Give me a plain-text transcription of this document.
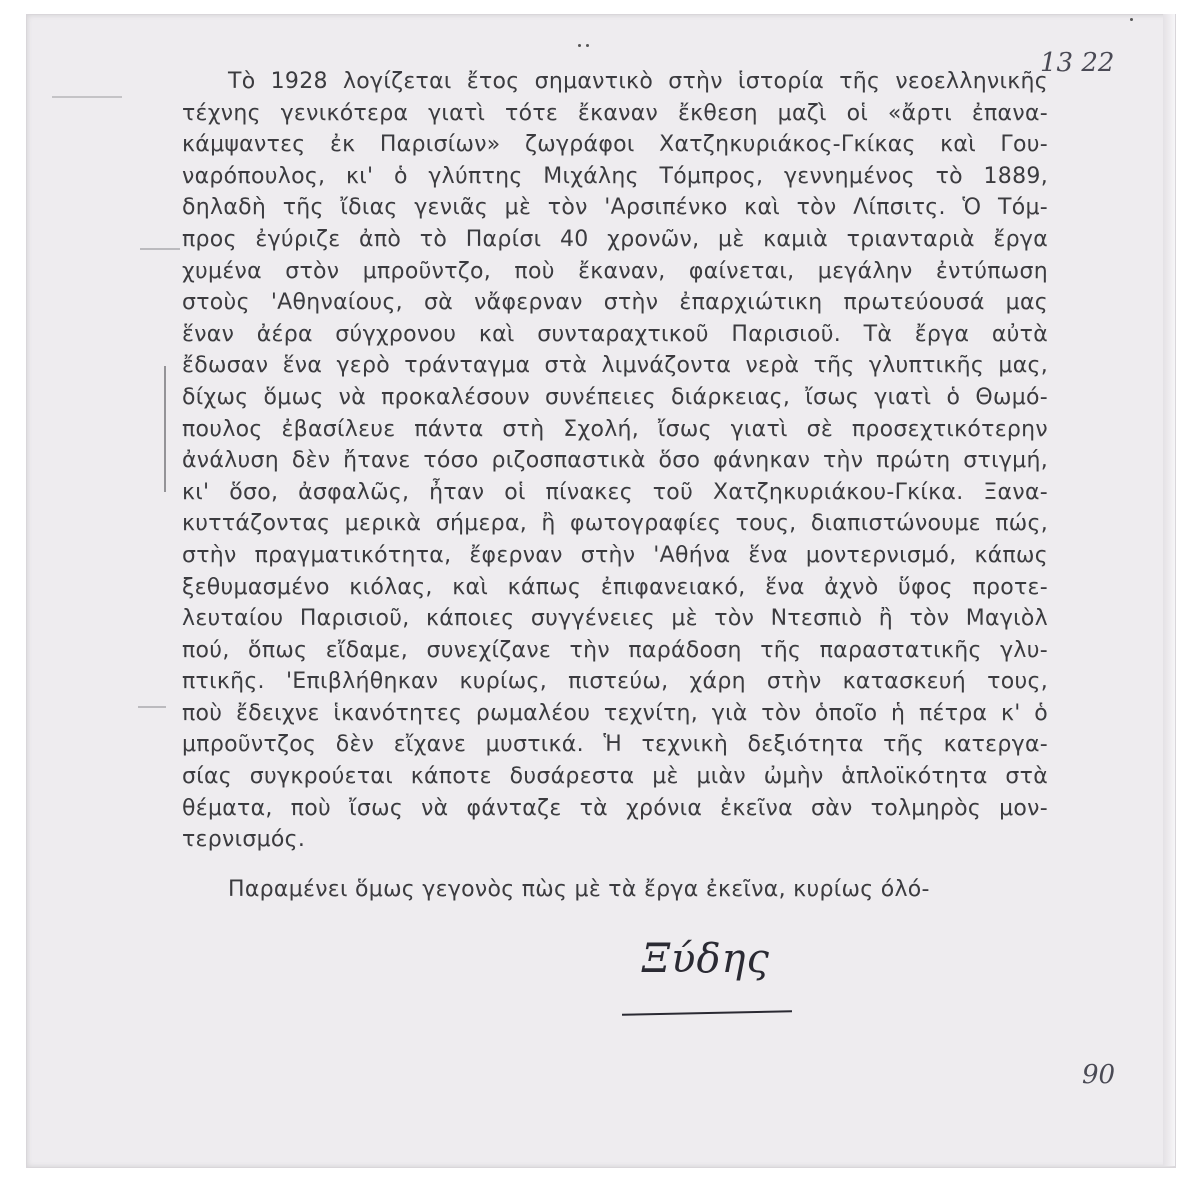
Τὸ 1928 λογίζεται ἔτος σημαντικὸ στὴν ἱστορία τῆς νεοελληνικῆς
τέχνης γενικότερα γιατὶ τότε ἔκαναν ἔκθεση μαζὶ οἱ «ἄρτι ἐπανα-
κάμψαντες ἐκ Παρισίων» ζωγράφοι Χατζηκυριάκος-Γκίκας καὶ Γου-
ναρόπουλος, κι' ὁ γλύπτης Μιχάλης Τόμπρος, γεννημένος τὸ 1889,
δηλαδὴ τῆς ἴδιας γενιᾶς μὲ τὸν 'Αρσιπένκο καὶ τὸν Λίπσιτς. Ὁ Τόμ-
προς ἐγύριζε ἀπὸ τὸ Παρίσι 40 χρονῶν, μὲ καμιὰ τριανταριὰ ἔργα
χυμένα στὸν μπροῦντζο, ποὺ ἔκαναν, φαίνεται, μεγάλην ἐντύπωση
στοὺς 'Αθηναίους, σὰ νἄφερναν στὴν ἐπαρχιώτικη πρωτεύουσά μας
ἕναν ἀέρα σύγχρονου καὶ συνταραχτικοῦ Παρισιοῦ. Τὰ ἔργα αὐτὰ
ἔδωσαν ἕνα γερὸ τράνταγμα στὰ λιμνάζοντα νερὰ τῆς γλυπτικῆς μας,
δίχως ὅμως νὰ προκαλέσουν συνέπειες διάρκειας, ἴσως γιατὶ ὁ Θωμό-
πουλος ἐβασίλευε πάντα στὴ Σχολή, ἴσως γιατὶ σὲ προσεχτικότερην
ἀνάλυση δὲν ἤτανε τόσο ριζοσπαστικὰ ὅσο φάνηκαν τὴν πρώτη στιγμή,
κι' ὅσο, ἀσφαλῶς, ἦταν οἱ πίνακες τοῦ Χατζηκυριάκου-Γκίκα. Ξανα-
κυττάζοντας μερικὰ σήμερα, ἢ φωτογραφίες τους, διαπιστώνουμε πώς,
στὴν πραγματικότητα, ἔφερναν στὴν 'Αθήνα ἕνα μοντερνισμό, κάπως
ξεθυμασμένο κιόλας, καὶ κάπως ἐπιφανειακό, ἕνα ἀχνὸ ὕφος προτε-
λευταίου Παρισιοῦ, κάποιες συγγένειες μὲ τὸν Ντεσπιὸ ἢ τὸν Μαγιὸλ
πού, ὅπως εἴδαμε, συνεχίζανε τὴν παράδοση τῆς παραστατικῆς γλυ-
πτικῆς. 'Επιβλήθηκαν κυρίως, πιστεύω, χάρη στὴν κατασκευή τους,
ποὺ ἔδειχνε ἱκανότητες ρωμαλέου τεχνίτη, γιὰ τὸν ὁποῖο ἡ πέτρα κ' ὁ
μπροῦντζος δὲν εἴχανε μυστικά. Ἡ τεχνικὴ δεξιότητα τῆς κατεργα-
σίας συγκρούεται κάποτε δυσάρεστα μὲ μιὰν ὠμὴν ἁπλοϊκότητα στὰ
θέματα, ποὺ ἴσως νὰ φάνταζε τὰ χρόνια ἐκεῖνα σὰν τολμηρὸς μον-
τερνισμός.
Παραμένει ὅμως γεγονὸς πὼς μὲ τὰ ἔργα ἐκεῖνα, κυρίως όλό-
Ξύδης
13 22
90
